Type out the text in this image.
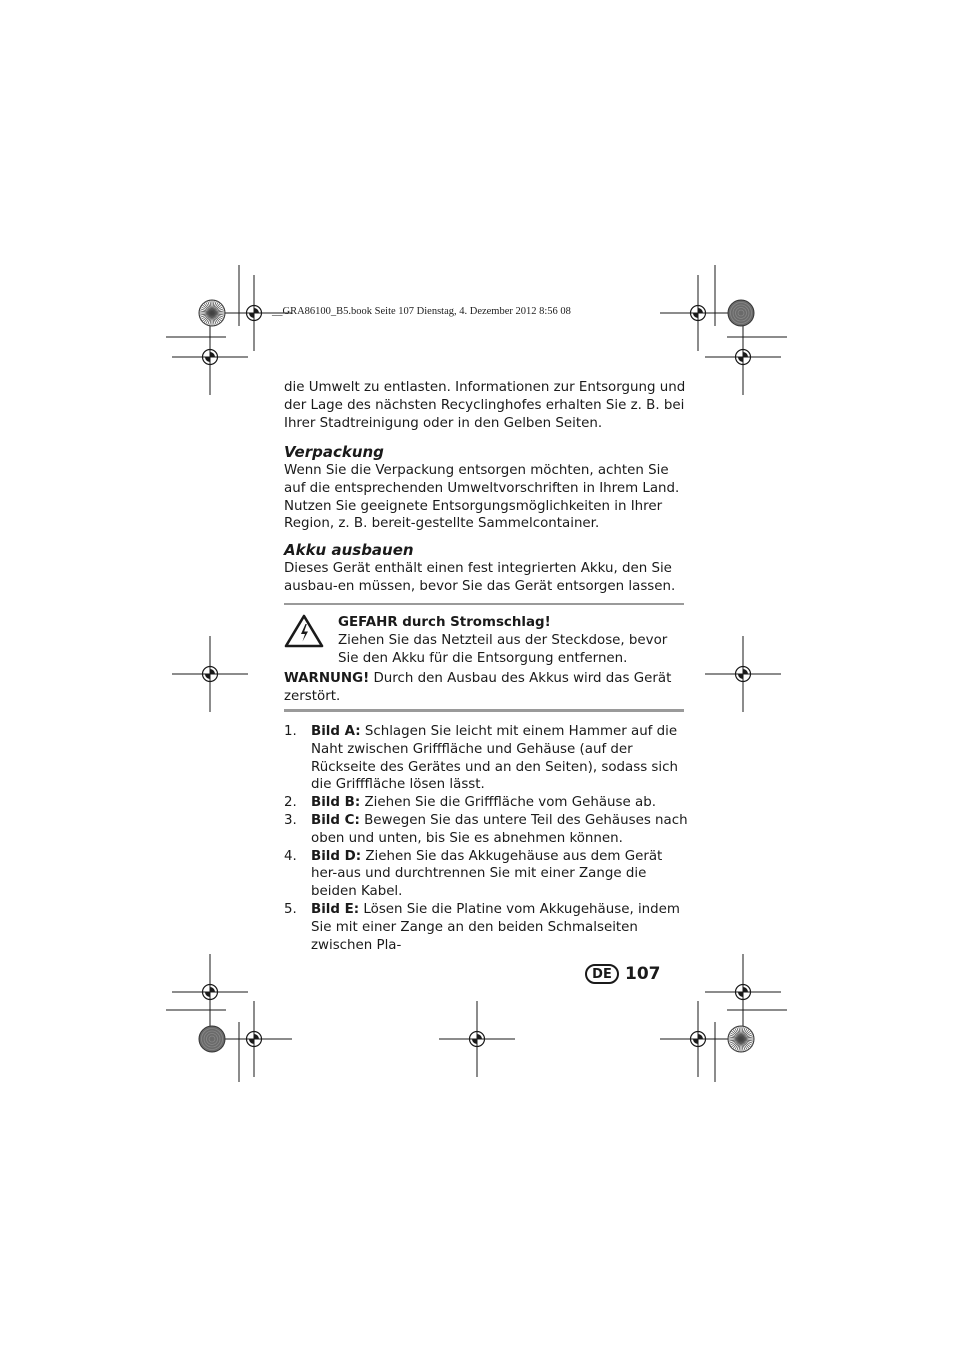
__GRA86100_B5.book Seite 107 Dienstag, 4. Dezember 2012 8:56 08
die Umwelt zu entlasten. Informationen zur Entsorgung und der Lage des nächsten Recyclinghofes erhalten Sie z. B. bei Ihrer Stadtreinigung oder in den Gelben Seiten.
Verpackung
Wenn Sie die Verpackung entsorgen möchten, achten Sie auf die entsprechenden Umweltvorschriften in Ihrem Land. Nutzen Sie geeignete Entsorgungsmöglichkeiten in Ihrer Region, z. B. bereit-gestellte Sammelcontainer.
Akku ausbauen
Dieses Gerät enthält einen fest integrierten Akku, den Sie ausbau-en müssen, bevor Sie das Gerät entsorgen lassen.
GEFAHR durch Stromschlag!
Ziehen Sie das Netzteil aus der Steckdose, bevor Sie den Akku für die Entsorgung entfernen.
WARNUNG! Durch den Ausbau des Akkus wird das Gerät zerstört.
1. Bild A: Schlagen Sie leicht mit einem Hammer auf die Naht zwischen Grifffläche und Gehäuse (auf der Rückseite des Gerätes und an den Seiten), sodass sich die Grifffläche lösen lässt.
2. Bild B: Ziehen Sie die Grifffläche vom Gehäuse ab.
3. Bild C: Bewegen Sie das untere Teil des Gehäuses nach oben und unten, bis Sie es abnehmen können.
4. Bild D: Ziehen Sie das Akkugehäuse aus dem Gerät her-aus und durchtrennen Sie mit einer Zange die beiden Kabel.
5. Bild E: Lösen Sie die Platine vom Akkugehäuse, indem Sie mit einer Zange an den beiden Schmalseiten zwischen Pla-
DE 107
